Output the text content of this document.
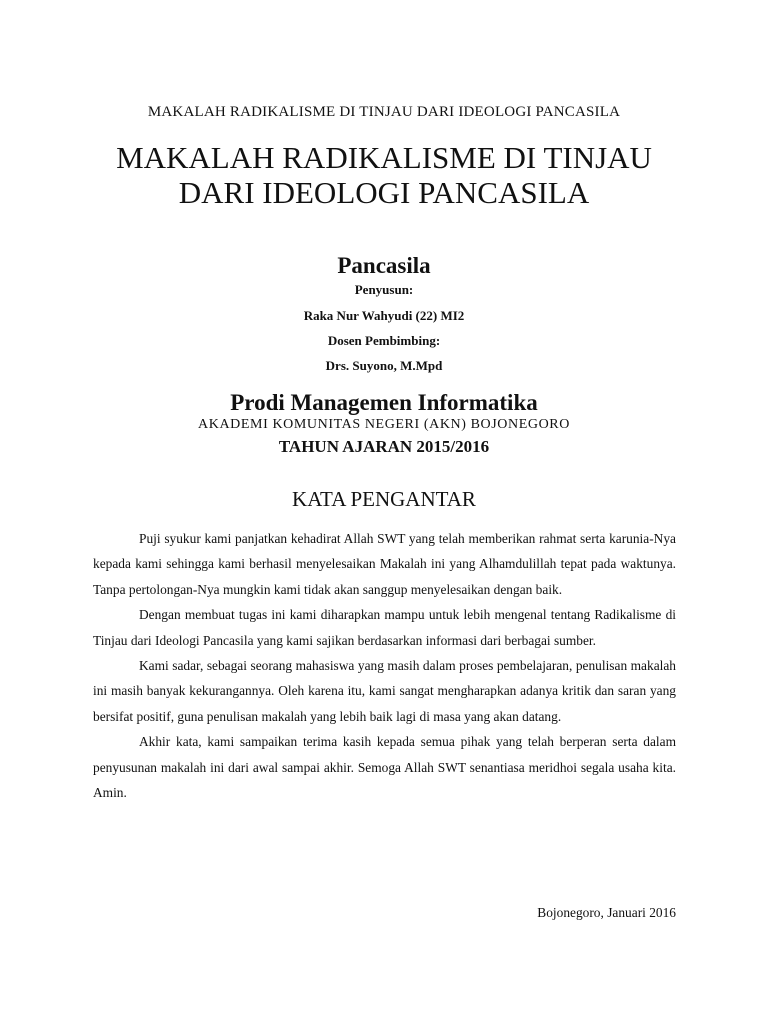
MAKALAH RADIKALISME DI TINJAU DARI IDEOLOGI PANCASILA
MAKALAH RADIKALISME DI TINJAU
DARI IDEOLOGI PANCASILA
Pancasila
Penyusun:
Raka Nur Wahyudi (22) MI2
Dosen Pembimbing:
Drs. Suyono, M.Mpd
Prodi Managemen Informatika
AKADEMI KOMUNITAS NEGERI (AKN) BOJONEGORO
TAHUN AJARAN 2015/2016
KATA PENGANTAR

Puji syukur kami panjatkan kehadirat Allah SWT yang telah memberikan rahmat serta karunia-Nya kepada kami sehingga kami berhasil menyelesaikan Makalah ini yang Alhamdulillah tepat pada waktunya. Tanpa pertolongan-Nya mungkin kami tidak akan sanggup menyelesaikan dengan baik.

Dengan membuat tugas ini kami diharapkan mampu untuk lebih mengenal tentang Radikalisme di Tinjau dari Ideologi Pancasila yang kami sajikan berdasarkan informasi dari berbagai sumber.

Kami sadar, sebagai seorang mahasiswa yang masih dalam proses pembelajaran, penulisan makalah ini masih banyak kekurangannya. Oleh karena itu, kami sangat mengharapkan adanya kritik dan saran yang bersifat positif, guna penulisan makalah yang lebih baik lagi di masa yang akan datang.

Akhir kata, kami sampaikan terima kasih kepada semua pihak yang telah berperan serta dalam penyusunan makalah ini dari awal sampai akhir. Semoga Allah SWT senantiasa meridhoi segala usaha kita. Amin.

Bojonegoro, Januari 2016
